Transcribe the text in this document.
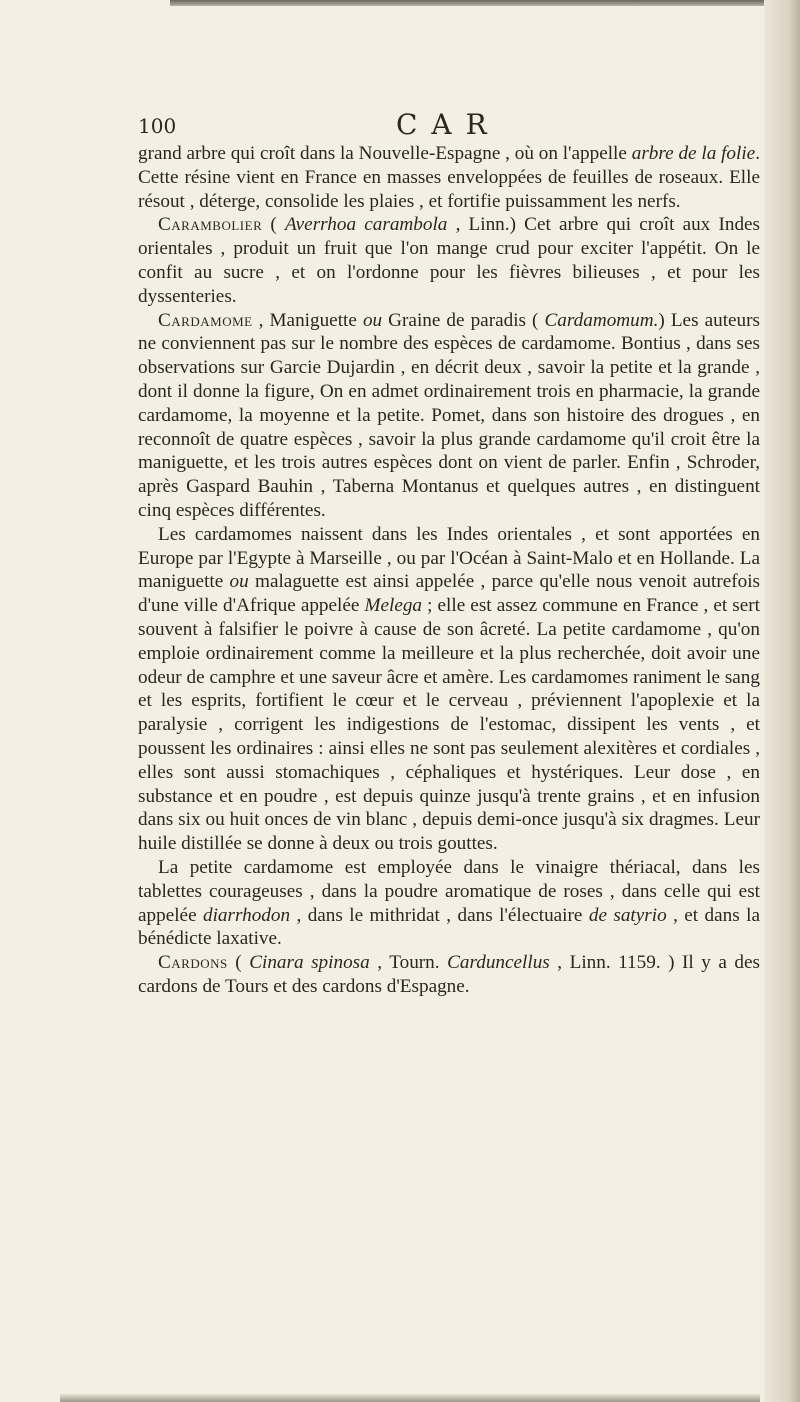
100	CAR

grand arbre qui croît dans la Nouvelle-Espagne , où on l'appelle arbre de la folie. Cette résine vient en France en masses enveloppées de feuilles de roseaux. Elle résout , déterge, consolide les plaies , et fortifie puissamment les nerfs.

Carambolier ( Averrhoa carambola , Linn.) Cet arbre qui croît aux Indes orientales , produit un fruit que l'on mange crud pour exciter l'appétit. On le confit au sucre , et on l'ordonne pour les fièvres bilieuses , et pour les dyssenteries.

Cardamome , Maniguette ou Graine de paradis ( Cardamomum.) Les auteurs ne conviennent pas sur le nombre des espèces de cardamome. Bontius , dans ses observations sur Garcie Dujardin , en décrit deux , savoir la petite et la grande , dont il donne la figure, On en admet ordinairement trois en pharmacie, la grande cardamome, la moyenne et la petite. Pomet, dans son histoire des drogues , en reconnoît de quatre espèces , savoir la plus grande cardamome qu'il croit être la maniguette, et les trois autres espèces dont on vient de parler. Enfin , Schroder, après Gaspard Bauhin , Taberna Montanus et quelques autres , en distinguent cinq espèces différentes.

Les cardamomes naissent dans les Indes orientales , et sont apportées en Europe par l'Egypte à Marseille , ou par l'Océan à Saint-Malo et en Hollande. La maniguette ou malaguette est ainsi appelée , parce qu'elle nous venoit autrefois d'une ville d'Afrique appelée Melega ; elle est assez commune en France , et sert souvent à falsifier le poivre à cause de son âcreté. La petite cardamome , qu'on emploie ordinairement comme la meilleure et la plus recherchée, doit avoir une odeur de camphre et une saveur âcre et amère. Les cardamomes raniment le sang et les esprits, fortifient le cœur et le cerveau , préviennent l'apoplexie et la paralysie , corrigent les indigestions de l'estomac, dissipent les vents , et poussent les ordinaires : ainsi elles ne sont pas seulement alexitères et cordiales , elles sont aussi stomachiques , céphaliques et hystériques. Leur dose , en substance et en poudre , est depuis quinze jusqu'à trente grains , et en infusion dans six ou huit onces de vin blanc , depuis demi-once jusqu'à six dragmes. Leur huile distillée se donne à deux ou trois gouttes.

La petite cardamome est employée dans le vinaigre thériacal, dans les tablettes courageuses , dans la poudre aromatique de roses , dans celle qui est appelée diarrhodon , dans le mithridat , dans l'électuaire de satyrio , et dans la bénédicte laxative.

Cardons ( Cinara spinosa , Tourn. Carduncellus , Linn. 1159. ) Il y a des cardons de Tours et des cardons d'Espagne.
